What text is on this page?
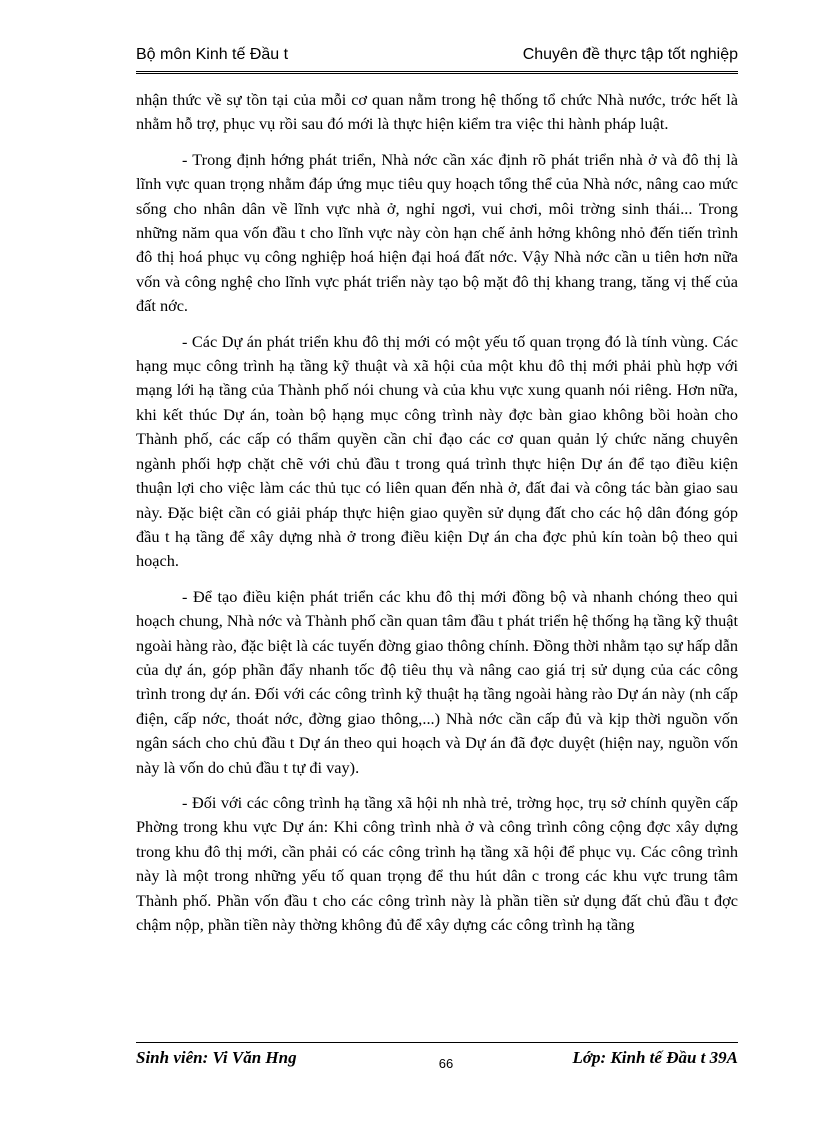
Bộ môn Kinh tế Đầu t	Chuyên đề thực tập tốt nghiệp

nhận thức về sự tồn tại của mỗi cơ quan nằm trong hệ thống tổ chức Nhà nước, trớc hết là nhằm hỗ trợ, phục vụ rồi sau đó mới là thực hiện kiểm tra việc thi hành pháp luật.

- Trong định hớng phát triển, Nhà nớc cần xác định rõ phát triển nhà ở và đô thị là lĩnh vực quan trọng nhằm đáp ứng mục tiêu quy hoạch tổng thể của Nhà nớc, nâng cao mức sống cho nhân dân về lĩnh vực nhà ở, nghỉ ngơi, vui chơi, môi trờng sinh thái... Trong những năm qua vốn đầu t cho lĩnh vực này còn hạn chế ảnh hởng không nhỏ đến tiến trình đô thị hoá phục vụ công nghiệp hoá hiện đại hoá đất nớc. Vậy Nhà nớc cần u tiên hơn nữa vốn và công nghệ cho lĩnh vực phát triển này tạo bộ mặt đô thị khang trang, tăng vị thế của đất nớc.

- Các Dự án phát triển khu đô thị mới có một yếu tố quan trọng đó là tính vùng. Các hạng mục công trình hạ tầng kỹ thuật và xã hội của một khu đô thị mới phải phù hợp với mạng lới hạ tầng của Thành phố nói chung và của khu vực xung quanh nói riêng. Hơn nữa, khi kết thúc Dự án, toàn bộ hạng mục công trình này đợc bàn giao không bồi hoàn cho Thành phố, các cấp có thẩm quyền cần chỉ đạo các cơ quan quản lý chức năng chuyên ngành phối hợp chặt chẽ với chủ đầu t trong quá trình thực hiện Dự án để tạo điều kiện thuận lợi cho việc làm các thủ tục có liên quan đến nhà ở, đất đai và công tác bàn giao sau này. Đặc biệt cần có giải pháp thực hiện giao quyền sử dụng đất cho các hộ dân đóng góp đầu t hạ tầng để xây dựng nhà ở trong điều kiện Dự án cha đợc phủ kín toàn bộ theo qui hoạch.

- Để tạo điều kiện phát triển các khu đô thị mới đồng bộ và nhanh chóng theo qui hoạch chung, Nhà nớc và Thành phố cần quan tâm đầu t phát triển hệ thống hạ tầng kỹ thuật ngoài hàng rào, đặc biệt là các tuyến đờng giao thông chính. Đồng thời nhằm tạo sự hấp dẫn của dự án, góp phần đẩy nhanh tốc độ tiêu thụ và nâng cao giá trị sử dụng của các công trình trong dự án. Đối với các công trình kỹ thuật hạ tầng ngoài hàng rào Dự án này (nh cấp điện, cấp nớc, thoát nớc, đờng giao thông,...) Nhà nớc cần cấp đủ và kịp thời nguồn vốn ngân sách cho chủ đầu t Dự án theo qui hoạch và Dự án đã đợc duyệt (hiện nay, nguồn vốn này là vốn do chủ đầu t tự đi vay).

- Đối với các công trình hạ tầng xã hội nh nhà trẻ, trờng học, trụ sở chính quyền cấp Phờng trong khu vực Dự án: Khi công trình nhà ở và công trình công cộng đợc xây dựng trong khu đô thị mới, cần phải có các công trình hạ tầng xã hội để phục vụ. Các công trình này là một trong những yếu tố quan trọng để thu hút dân c trong các khu vực trung tâm Thành phố. Phần vốn đầu t cho các công trình này là phần tiền sử dụng đất chủ đầu t đợc chậm nộp, phần tiền này thờng không đủ để xây dựng các công trình hạ tầng

Sinh viên: Vi Văn Hng	66	Lớp: Kinh tế Đầu t 39A
